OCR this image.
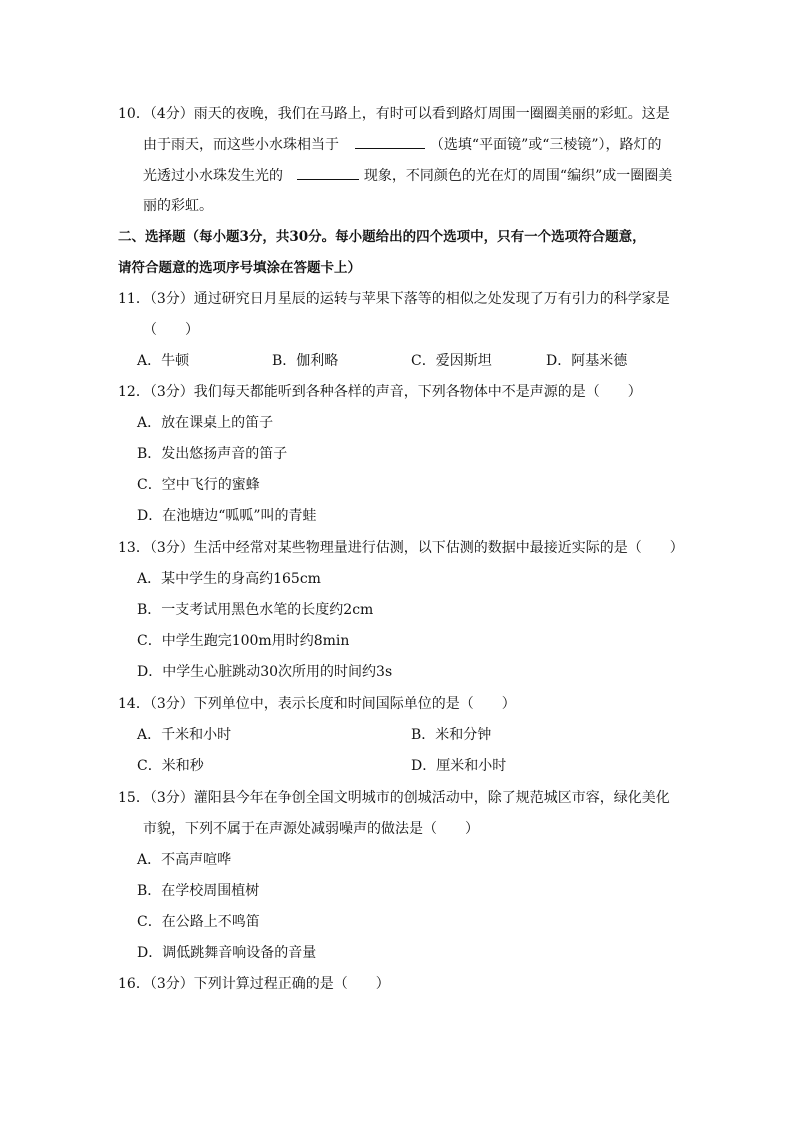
10．（4分）雨天的夜晚，我们在马路上，有时可以看到路灯周围一圈圈美丽的彩虹。这是
由于雨天，而这些小水珠相当于	（选填“平面镜”或“三棱镜”），路灯的
光透过小水珠发生光的	现象，不同颜色的光在灯的周围“编织”成一圈圈美
丽的彩虹。
二、选择题（每小题3分，共30分。每小题给出的四个选项中，只有一个选项符合题意，
请符合题意的选项序号填涂在答题卡上）
11．（3分）通过研究日月星辰的运转与苹果下落等的相似之处发现了万有引力的科学家是
（　　）
A．牛顿	B．伽利略	C．爱因斯坦	D．阿基米德
12．（3分）我们每天都能听到各种各样的声音，下列各物体中不是声源的是（　　）
A．放在课桌上的笛子
B．发出悠扬声音的笛子
C．空中飞行的蜜蜂
D．在池塘边“呱呱”叫的青蛙
13．（3分）生活中经常对某些物理量进行估测，以下估测的数据中最接近实际的是（　　）
A．某中学生的身高约165cm
B．一支考试用黑色水笔的长度约2cm
C．中学生跑完100m用时约8min
D．中学生心脏跳动30次所用的时间约3s
14．（3分）下列单位中，表示长度和时间国际单位的是（　　）
A．千米和小时	B．米和分钟
C．米和秒	D．厘米和小时
15．（3分）灌阳县今年在争创全国文明城市的创城活动中，除了规范城区市容，绿化美化
市貌，下列不属于在声源处减弱噪声的做法是（　　）
A．不高声喧哗
B．在学校周围植树
C．在公路上不鸣笛
D．调低跳舞音响设备的音量
16．（3分）下列计算过程正确的是（　　）
